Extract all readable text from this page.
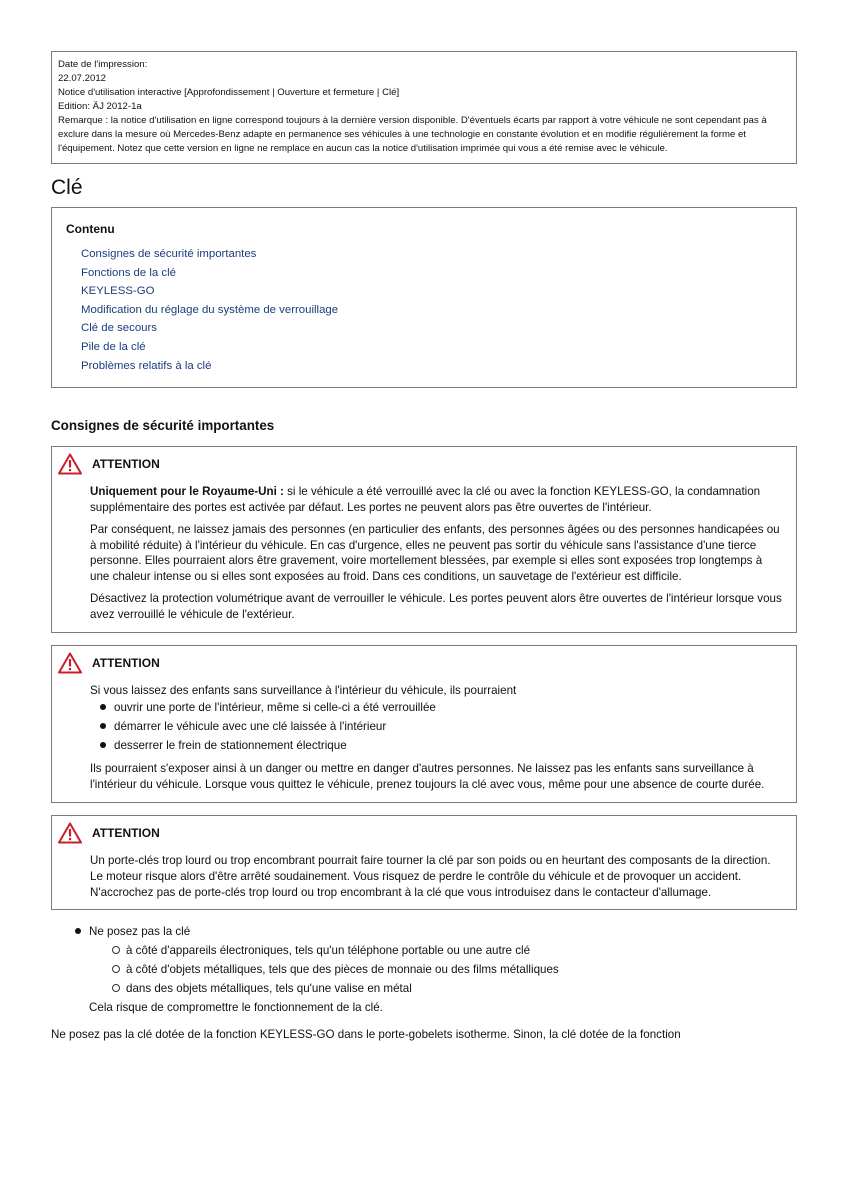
Date de l'impression:

22.07.2012

Notice d'utilisation interactive [Approfondissement | Ouverture et fermeture | Clé]

Edition: ÄJ 2012-1a

Remarque : la notice d'utilisation en ligne correspond toujours à la dernière version disponible. D'éventuels écarts par rapport à votre véhicule ne sont cependant pas à exclure dans la mesure où Mercedes-Benz adapte en permanence ses véhicules à une technologie en constante évolution et en modifie régulièrement la forme et l'équipement. Notez que cette version en ligne ne remplace en aucun cas la notice d'utilisation imprimée qui vous a été remise avec le véhicule.

Clé
Contenu
Consignes de sécurité importantes
Fonctions de la clé
KEYLESS-GO
Modification du réglage du système de verrouillage
Clé de secours
Pile de la clé
Problèmes relatifs à la clé
Consignes de sécurité importantes
ATTENTION

Uniquement pour le Royaume-Uni : si le véhicule a été verrouillé avec la clé ou avec la fonction KEYLESS-GO, la condamnation supplémentaire des portes est activée par défaut. Les portes ne peuvent alors pas être ouvertes de l'intérieur.

Par conséquent, ne laissez jamais des personnes (en particulier des enfants, des personnes âgées ou des personnes handicapées ou à mobilité réduite) à l'intérieur du véhicule. En cas d'urgence, elles ne peuvent pas sortir du véhicule sans l'assistance d'une tierce personne. Elles pourraient alors être gravement, voire mortellement blessées, par exemple si elles sont exposées trop longtemps à une chaleur intense ou si elles sont exposées au froid. Dans ces conditions, un sauvetage de l'extérieur est difficile.

Désactivez la protection volumétrique avant de verrouiller le véhicule. Les portes peuvent alors être ouvertes de l'intérieur lorsque vous avez verrouillé le véhicule de l'extérieur.

ATTENTION

Si vous laissez des enfants sans surveillance à l'intérieur du véhicule, ils pourraient

ouvrir une porte de l'intérieur, même si celle-ci a été verrouillée
démarrer le véhicule avec une clé laissée à l'intérieur
desserrer le frein de stationnement électrique

Ils pourraient s'exposer ainsi à un danger ou mettre en danger d'autres personnes. Ne laissez pas les enfants sans surveillance à l'intérieur du véhicule. Lorsque vous quittez le véhicule, prenez toujours la clé avec vous, même pour une absence de courte durée.

ATTENTION

Un porte-clés trop lourd ou trop encombrant pourrait faire tourner la clé par son poids ou en heurtant des composants de la direction. Le moteur risque alors d'être arrêté soudainement. Vous risquez de perdre le contrôle du véhicule et de provoquer un accident. N'accrochez pas de porte-clés trop lourd ou trop encombrant à la clé que vous introduisez dans le contacteur d'allumage.

Ne posez pas la clé
à côté d'appareils électroniques, tels qu'un téléphone portable ou une autre clé
à côté d'objets métalliques, tels que des pièces de monnaie ou des films métalliques
dans des objets métalliques, tels qu'une valise en métal
Cela risque de compromettre le fonctionnement de la clé.

Ne posez pas la clé dotée de la fonction KEYLESS-GO dans le porte-gobelets isotherme. Sinon, la clé dotée de la fonction
